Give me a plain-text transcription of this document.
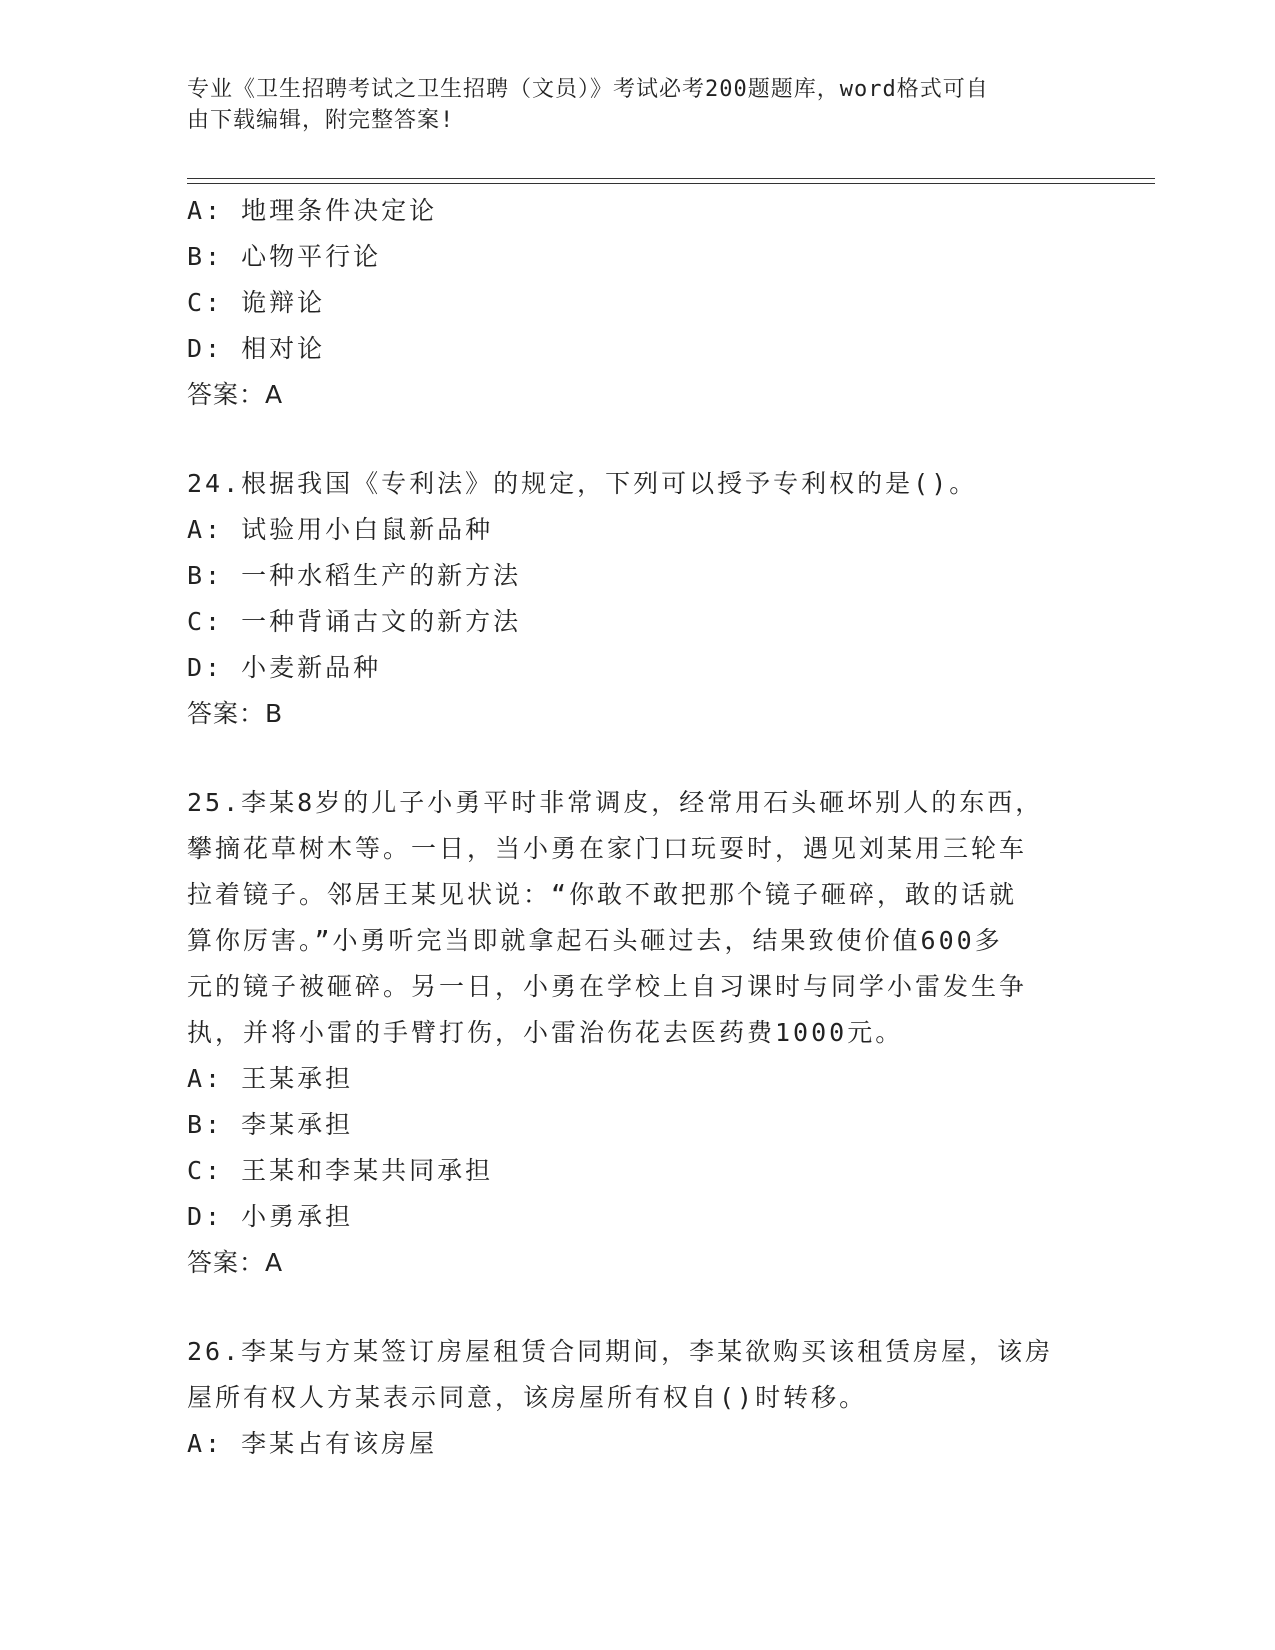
专业《卫生招聘考试之卫生招聘（文员）》考试必考200题题库，word格式可自
由下载编辑，附完整答案!
A: 地理条件决定论
B: 心物平行论
C: 诡辩论
D: 相对论
答案：A
24.根据我国《专利法》的规定，下列可以授予专利权的是()。
A: 试验用小白鼠新品种
B: 一种水稻生产的新方法
C: 一种背诵古文的新方法
D: 小麦新品种
答案：B
25.李某8岁的儿子小勇平时非常调皮，经常用石头砸坏别人的东西，
攀摘花草树木等。一日，当小勇在家门口玩耍时，遇见刘某用三轮车
拉着镜子。邻居王某见状说：“你敢不敢把那个镜子砸碎，敢的话就
算你厉害。”小勇听完当即就拿起石头砸过去，结果致使价值600多
元的镜子被砸碎。另一日，小勇在学校上自习课时与同学小雷发生争
执，并将小雷的手臂打伤，小雷治伤花去医药费1000元。
A: 王某承担
B: 李某承担
C: 王某和李某共同承担
D: 小勇承担
答案：A
26.李某与方某签订房屋租赁合同期间，李某欲购买该租赁房屋，该房
屋所有权人方某表示同意，该房屋所有权自()时转移。
A: 李某占有该房屋
